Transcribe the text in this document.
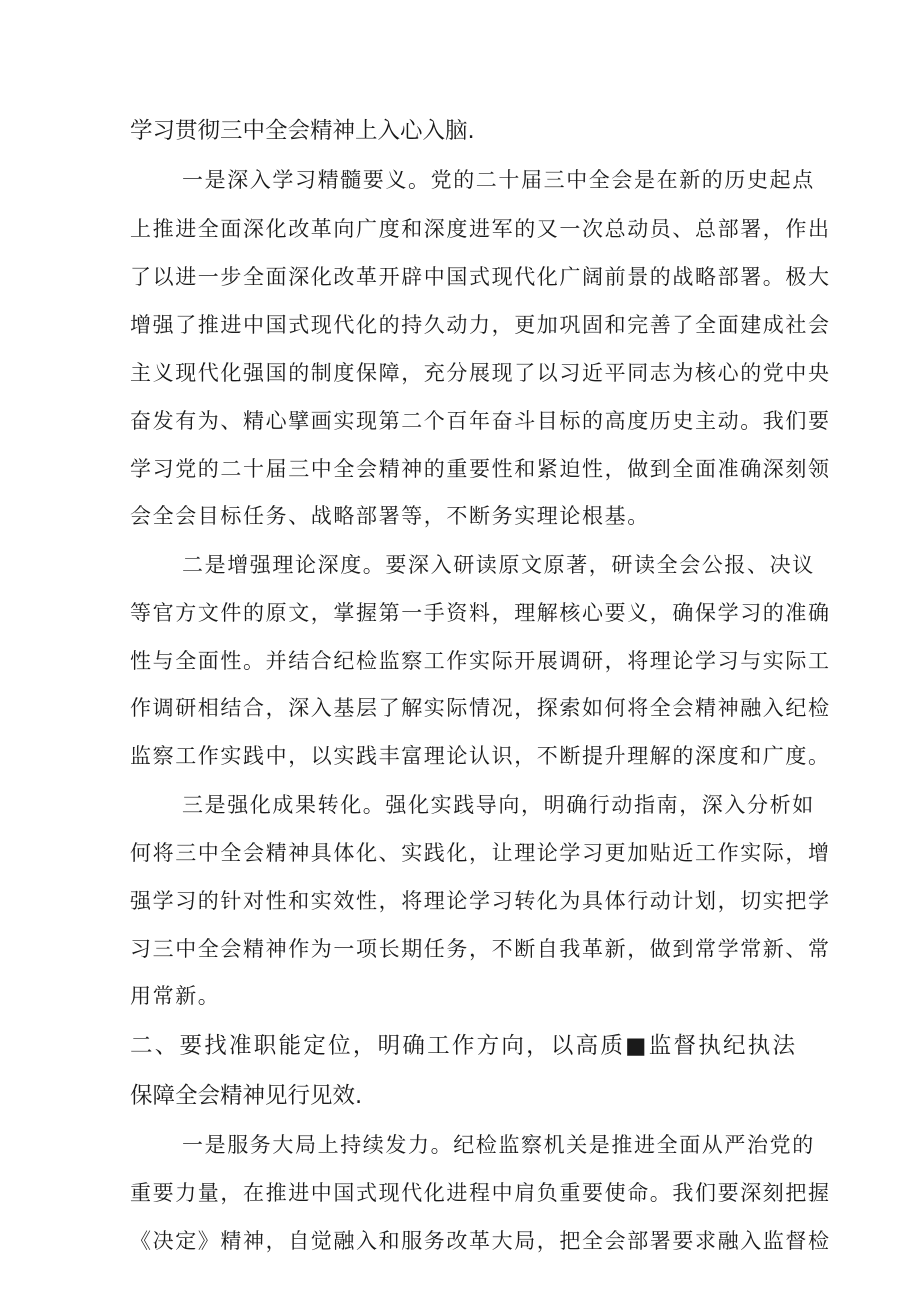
学习贯彻三中全会精神上入心入脑.
一是深入学习精髓要义。党的二十届三中全会是在新的历史起点
上推进全面深化改革向广度和深度进军的又一次总动员、总部署，作出
了以进一步全面深化改革开辟中国式现代化广阔前景的战略部署。极大
增强了推进中国式现代化的持久动力，更加巩固和完善了全面建成社会
主义现代化强国的制度保障，充分展现了以习近平同志为核心的党中央
奋发有为、精心擘画实现第二个百年奋斗目标的高度历史主动。我们要
学习党的二十届三中全会精神的重要性和紧迫性，做到全面准确深刻领
会全会目标任务、战略部署等，不断务实理论根基。
二是增强理论深度。要深入研读原文原著，研读全会公报、决议
等官方文件的原文，掌握第一手资料，理解核心要义，确保学习的准确
性与全面性。并结合纪检监察工作实际开展调研，将理论学习与实际工
作调研相结合，深入基层了解实际情况，探索如何将全会精神融入纪检
监察工作实践中，以实践丰富理论认识，不断提升理解的深度和广度。
三是强化成果转化。强化实践导向，明确行动指南，深入分析如
何将三中全会精神具体化、实践化，让理论学习更加贴近工作实际，增
强学习的针对性和实效性，将理论学习转化为具体行动计划，切实把学
习三中全会精神作为一项长期任务，不断自我革新，做到常学常新、常
用常新。
二、要找准职能定位，明确工作方向，以高质■监督执纪执法
保障全会精神见行见效.
一是服务大局上持续发力。纪检监察机关是推进全面从严治党的
重要力量，在推进中国式现代化进程中肩负重要使命。我们要深刻把握
《决定》精神，自觉融入和服务改革大局，把全会部署要求融入监督检
